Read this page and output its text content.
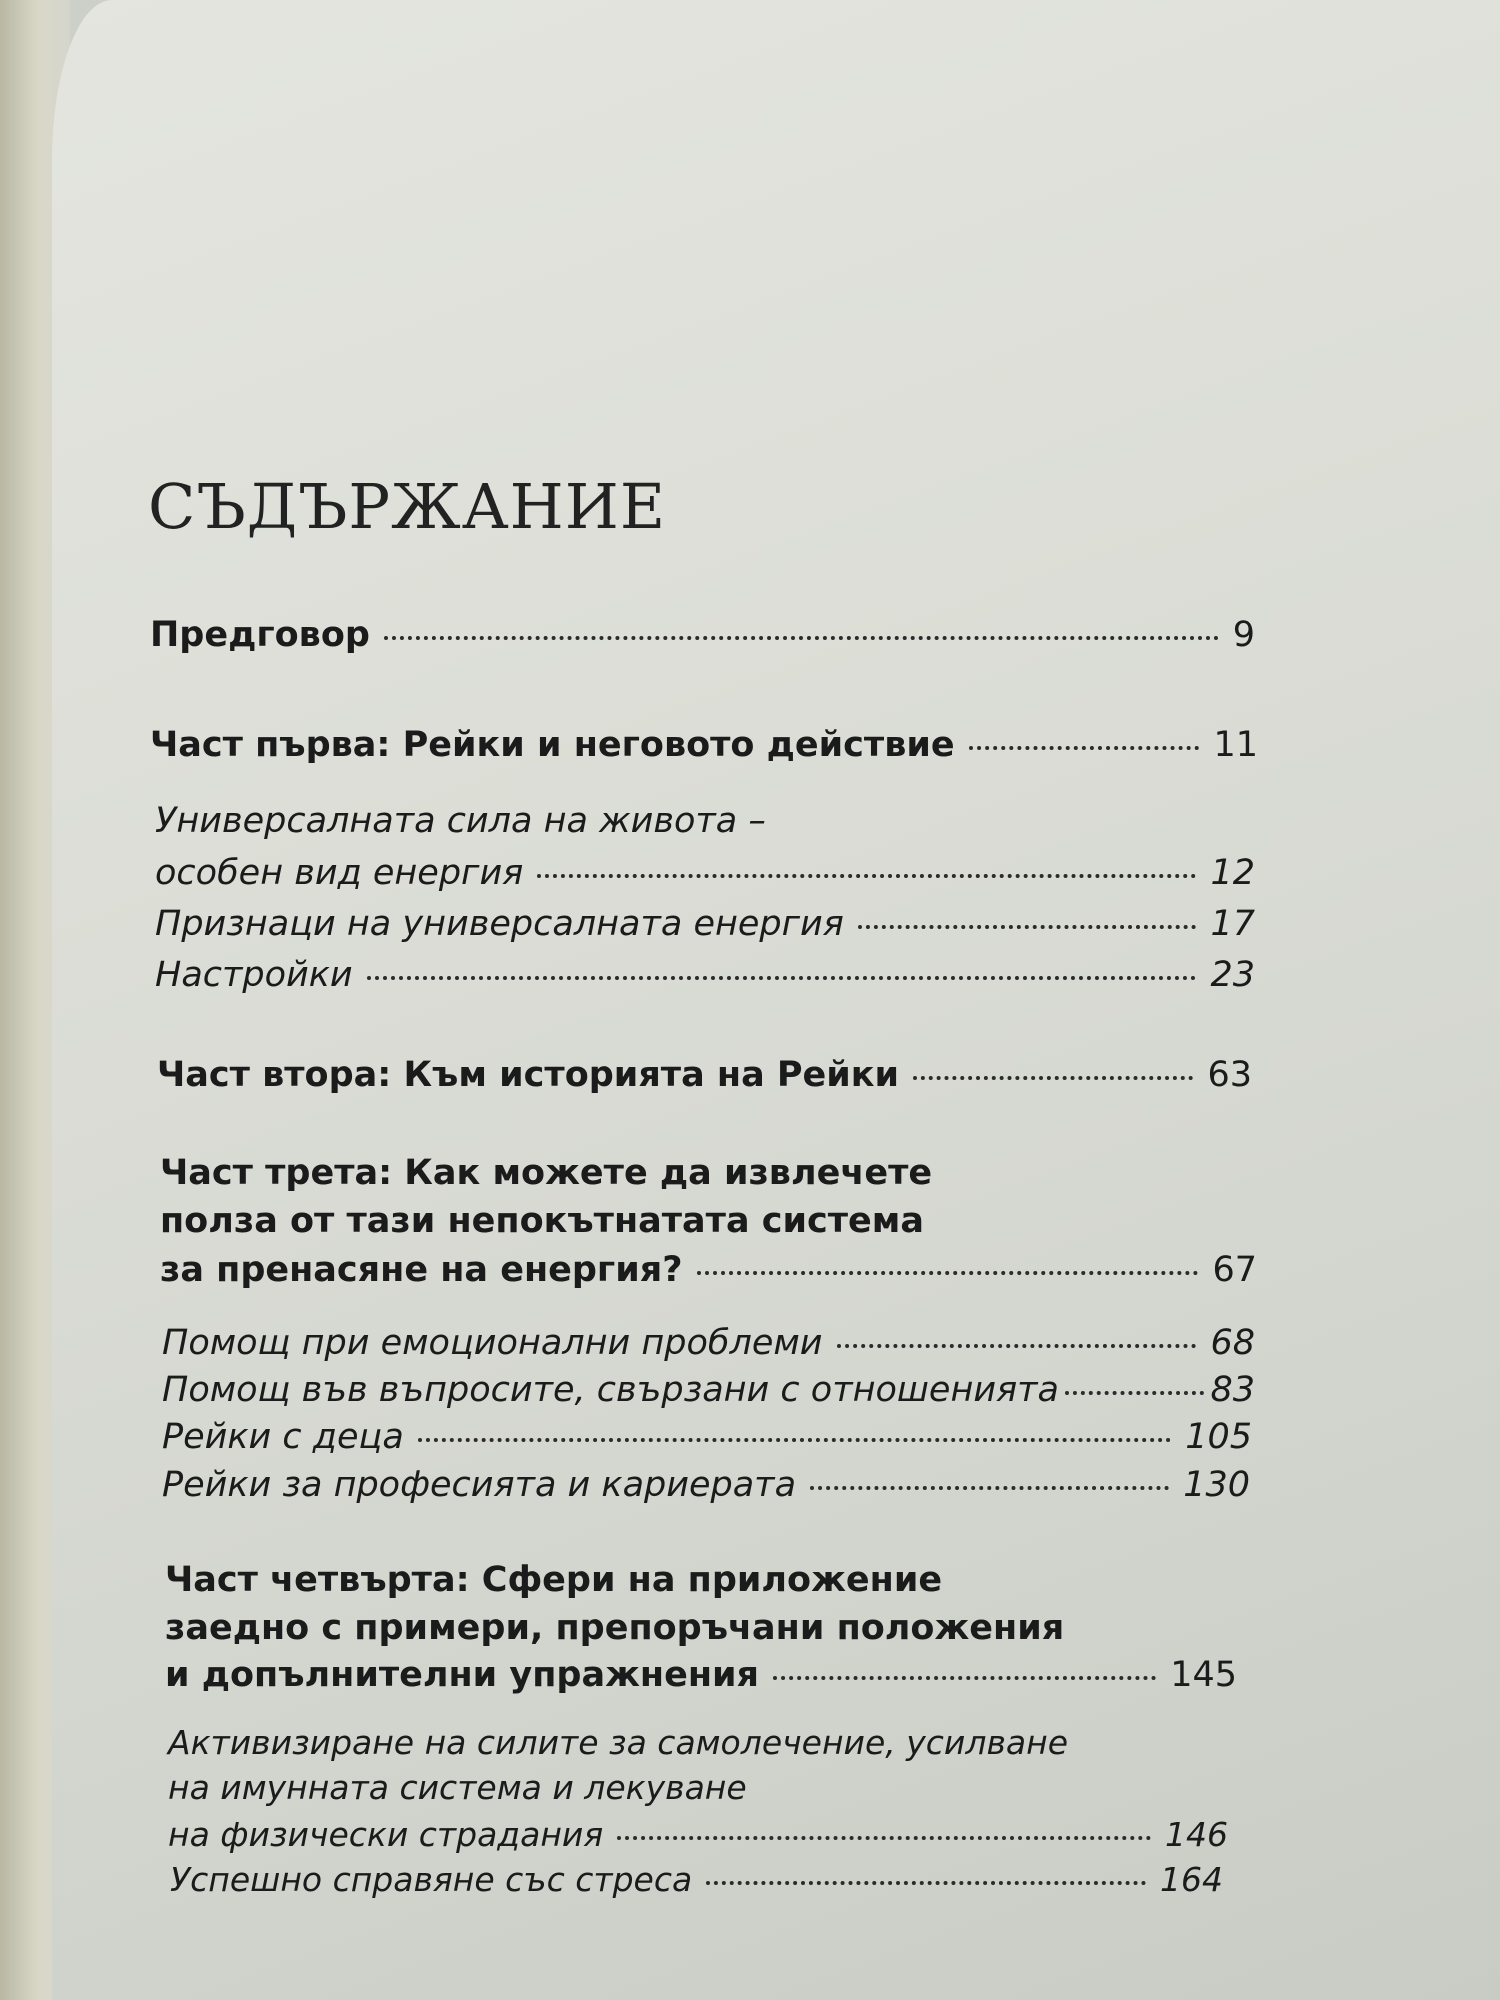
СЪДЪРЖАНИЕ
Предговор	9
Част първа: Рейки и неговото действие	11
Универсалната сила на живота –
особен вид енергия	12
Признаци на универсалната енергия	17
Настройки	23
Част втора: Към историята на Рейки	63
Част трета: Как можете да извлечете
полза от тази непокътнатата система
за пренасяне на енергия?	67
Помощ при емоционални проблеми	68
Помощ във въпросите, свързани с отношенията	83
Рейки с деца	105
Рейки за професията и кариерата	130
Част четвърта: Сфери на приложение
заедно с примери, препоръчани положения
и допълнителни упражнения	145
Активизиране на силите за самолечение, усилване
на имунната система и лекуване
на физически страдания	146
Успешно справяне със стреса	164
